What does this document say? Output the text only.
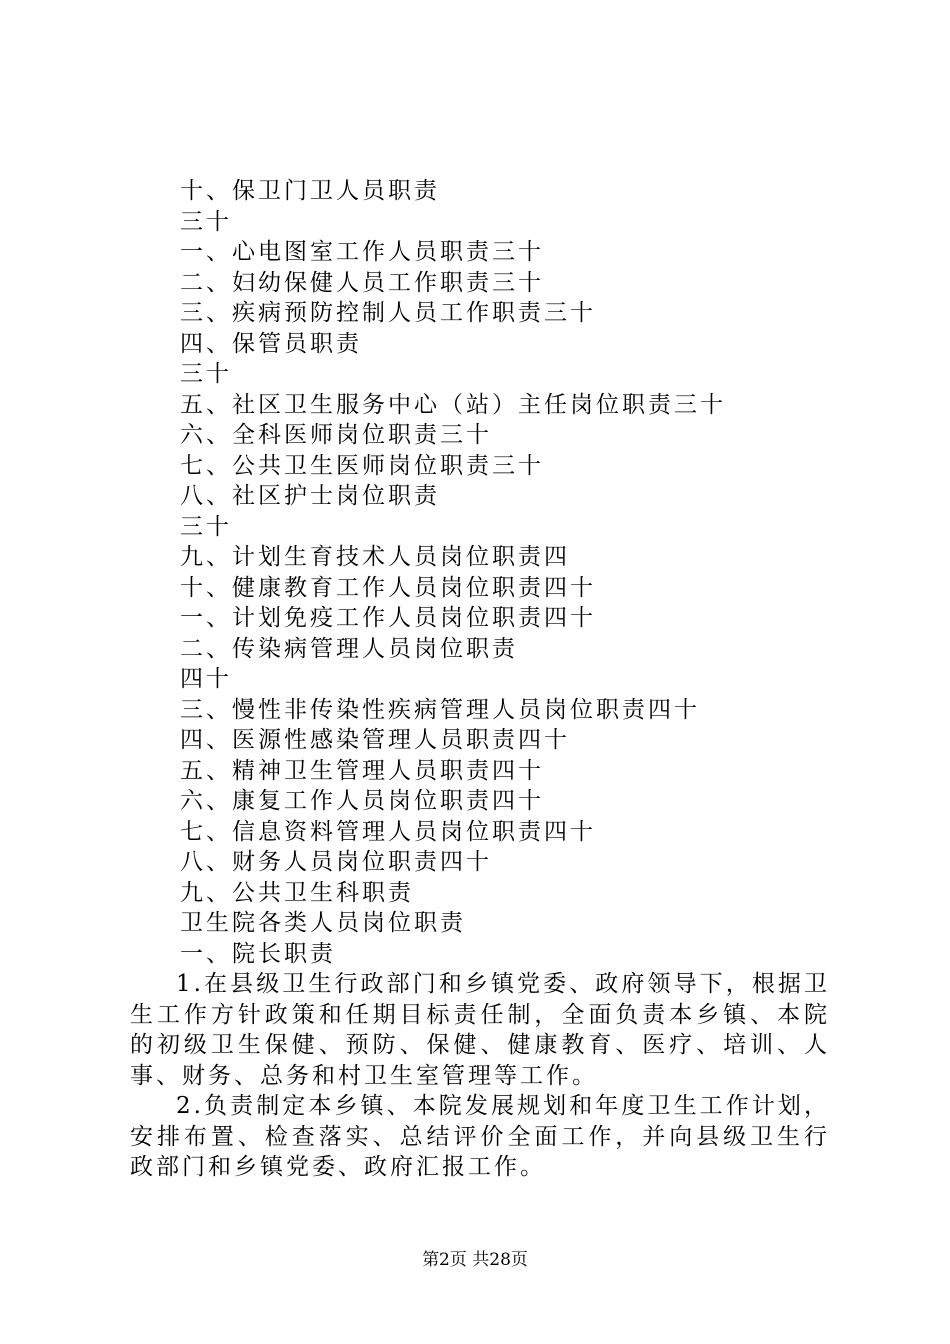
十、保卫门卫人员职责
三十
一、心电图室工作人员职责三十
二、妇幼保健人员工作职责三十
三、疾病预防控制人员工作职责三十
四、保管员职责
三十
五、社区卫生服务中心（站）主任岗位职责三十
六、全科医师岗位职责三十
七、公共卫生医师岗位职责三十
八、社区护士岗位职责
三十
九、计划生育技术人员岗位职责四
十、健康教育工作人员岗位职责四十
一、计划免疫工作人员岗位职责四十
二、传染病管理人员岗位职责
四十
三、慢性非传染性疾病管理人员岗位职责四十
四、医源性感染管理人员职责四十
五、精神卫生管理人员职责四十
六、康复工作人员岗位职责四十
七、信息资料管理人员岗位职责四十
八、财务人员岗位职责四十
九、公共卫生科职责
卫生院各类人员岗位职责
一、院长职责

1.在县级卫生行政部门和乡镇党委、政府领导下，根据卫生工作方针政策和任期目标责任制，全面负责本乡镇、本院的初级卫生保健、预防、保健、健康教育、医疗、培训、人事、财务、总务和村卫生室管理等工作。

2.负责制定本乡镇、本院发展规划和年度卫生工作计划，安排布置、检查落实、总结评价全面工作，并向县级卫生行政部门和乡镇党委、政府汇报工作。

第2页 共28页
